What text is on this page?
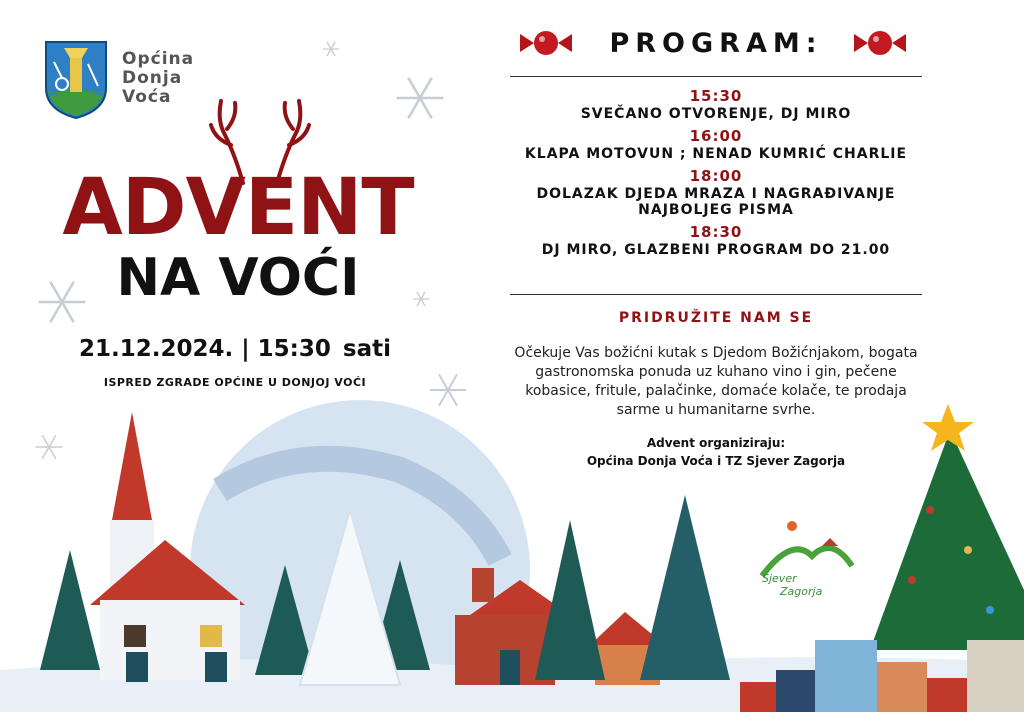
Općina
Donja
Voća
ADVENT
NA VOĆI
21.12.2024. | 15:30 sati
ISPRED ZGRADE OPĆINE U DONJOJ VOĆI
PROGRAM:
15:30
SVEČANO OTVORENJE, DJ MIRO
16:00
KLAPA MOTOVUN ; NENAD KUMRIĆ CHARLIE
18:00
DOLAZAK DJEDA MRAZA I NAGRAĐIVANJE NAJBOLJEG PISMA
18:30
DJ MIRO, GLAZBENI PROGRAM DO 21.00
PRIDRUŽITE NAM SE
Očekuje Vas božićni kutak s Djedom Božićnjakom, bogata gastronomska ponuda uz kuhano vino i gin, pečene kobasice, fritule, palačinke, domaće kolače, te prodaja sarme u humanitarne svrhe.
Advent organiziraju:
Općina Donja Voća i TZ Sjever Zagorja
Sjever
Zagorja
